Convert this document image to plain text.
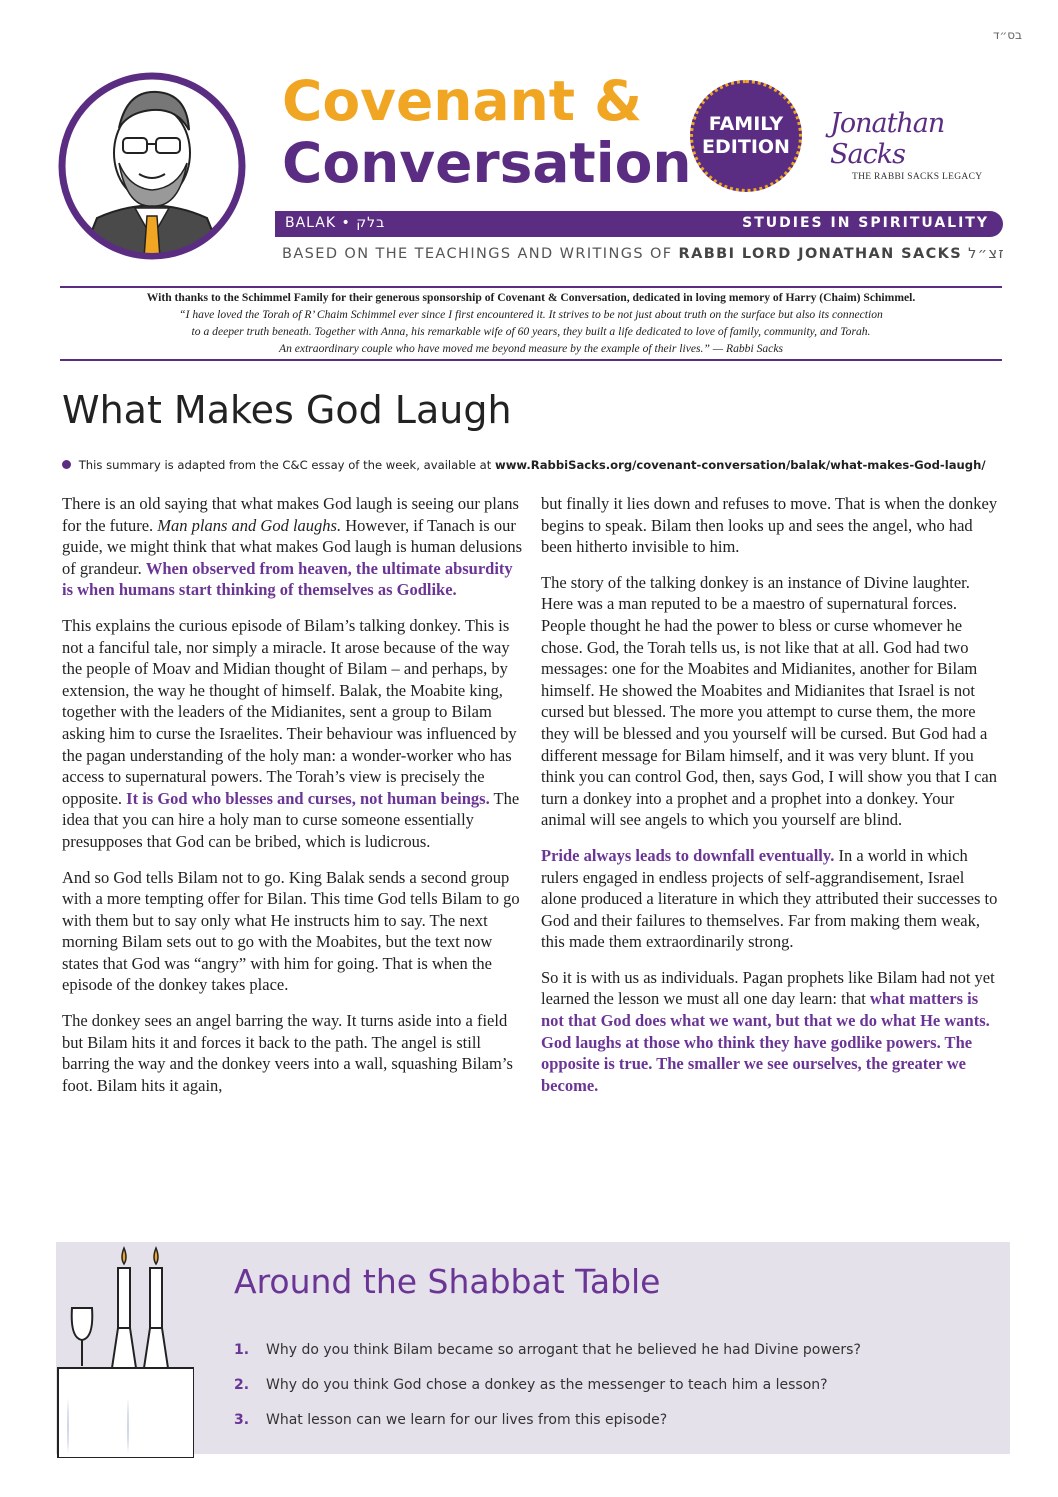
בס״ד
Covenant &
Conversation
FAMILY
EDITION
Jonathan Sacks
THE RABBI SACKS LEGACY
BALAK • בלק	STUDIES IN SPIRITUALITY
BASED ON THE TEACHINGS AND WRITINGS OF RABBI LORD JONATHAN SACKS זצ״ל
With thanks to the Schimmel Family for their generous sponsorship of Covenant & Conversation, dedicated in loving memory of Harry (Chaim) Schimmel.
“I have loved the Torah of R’ Chaim Schimmel ever since I first encountered it. It strives to be not just about truth on the surface but also its connection
to a deeper truth beneath. Together with Anna, his remarkable wife of 60 years, they built a life dedicated to love of family, community, and Torah.
An extraordinary couple who have moved me beyond measure by the example of their lives.” — Rabbi Sacks
What Makes God Laugh
This summary is adapted from the C&C essay of the week, available at www.RabbiSacks.org/covenant-conversation/balak/what-makes-God-laugh/

There is an old saying that what makes God laugh is seeing our plans for the future. Man plans and God laughs. However, if Tanach is our guide, we might think that what makes God laugh is human delusions of grandeur. When observed from heaven, the ultimate absurdity is when humans start thinking of themselves as Godlike.

This explains the curious episode of Bilam’s talking donkey. This is not a fanciful tale, nor simply a miracle. It arose because of the way the people of Moav and Midian thought of Bilam – and perhaps, by extension, the way he thought of himself. Balak, the Moabite king, together with the leaders of the Midianites, sent a group to Bilam asking him to curse the Israelites. Their behaviour was influenced by the pagan understanding of the holy man: a wonder-worker who has access to supernatural powers. The Torah’s view is precisely the opposite. It is God who blesses and curses, not human beings. The idea that you can hire a holy man to curse someone essentially presupposes that God can be bribed, which is ludicrous.

And so God tells Bilam not to go. King Balak sends a second group with a more tempting offer for Bilan. This time God tells Bilam to go with them but to say only what He instructs him to say. The next morning Bilam sets out to go with the Moabites, but the text now states that God was “angry” with him for going. That is when the episode of the donkey takes place.

The donkey sees an angel barring the way. It turns aside into a field but Bilam hits it and forces it back to the path. The angel is still barring the way and the donkey veers into a wall, squashing Bilam’s foot. Bilam hits it again,

but finally it lies down and refuses to move. That is when the donkey begins to speak. Bilam then looks up and sees the angel, who had been hitherto invisible to him.

The story of the talking donkey is an instance of Divine laughter. Here was a man reputed to be a maestro of supernatural forces. People thought he had the power to bless or curse whomever he chose. God, the Torah tells us, is not like that at all. God had two messages: one for the Moabites and Midianites, another for Bilam himself. He showed the Moabites and Midianites that Israel is not cursed but blessed. The more you attempt to curse them, the more they will be blessed and you yourself will be cursed. But God had a different message for Bilam himself, and it was very blunt. If you think you can control God, then, says God, I will show you that I can turn a donkey into a prophet and a prophet into a donkey. Your animal will see angels to which you yourself are blind.

Pride always leads to downfall eventually. In a world in which rulers engaged in endless projects of self-aggrandisement, Israel alone produced a literature in which they attributed their successes to God and their failures to themselves. Far from making them weak, this made them extraordinarily strong.

So it is with us as individuals. Pagan prophets like Bilam had not yet learned the lesson we must all one day learn: that what matters is not that God does what we want, but that we do what He wants. God laughs at those who think they have godlike powers. The opposite is true. The smaller we see ourselves, the greater we become.

Around the Shabbat Table
1.	Why do you think Bilam became so arrogant that he believed he had Divine powers?
2.	Why do you think God chose a donkey as the messenger to teach him a lesson?
3.	What lesson can we learn for our lives from this episode?
